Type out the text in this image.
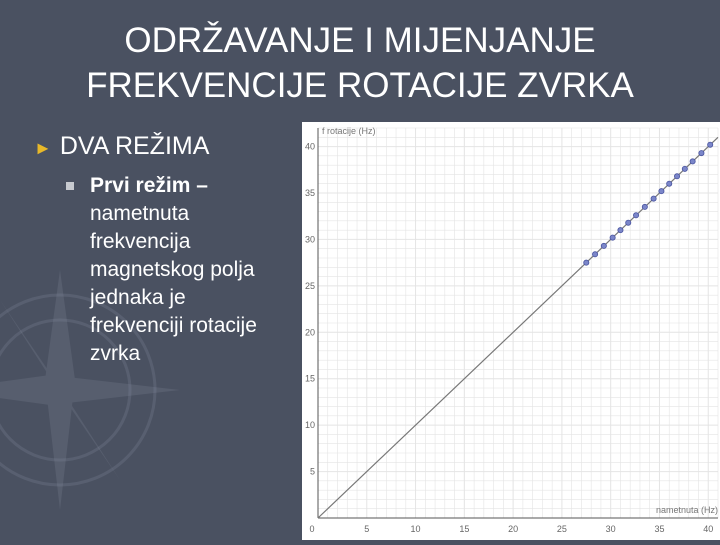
ODRŽAVANJE I MIJENJANJE
FREKVENCIJE ROTACIJE ZVRKA
► DVA REŽIMA
Prvi režim –
nametnuta
frekvencija
magnetskog polja
jednaka je
frekvenciji rotacije
zvrka
0	5	10	15	20	25	30	35	40
5
10
15
20
25
30
35
40
f rotacije (Hz)
nametnuta (Hz)
